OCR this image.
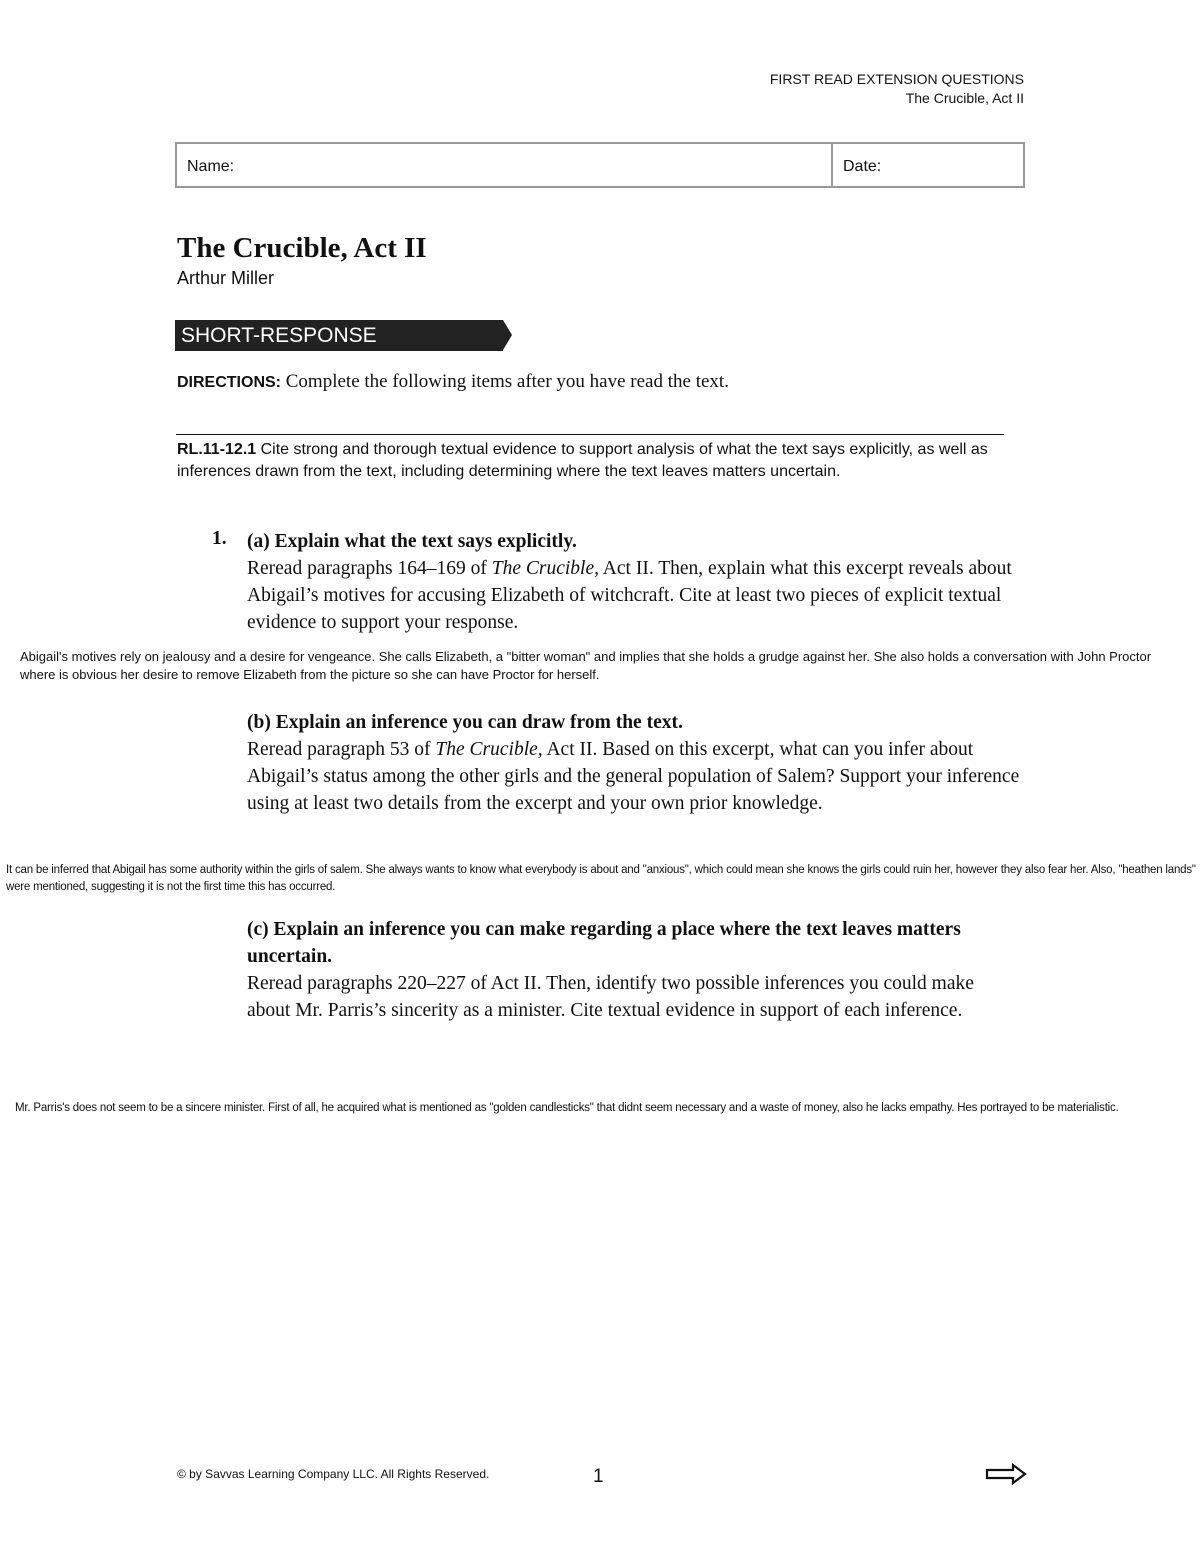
FIRST READ EXTENSION QUESTIONS
The Crucible, Act II
Name:	Date:
The Crucible, Act II
Arthur Miller
SHORT-RESPONSE QUESTIONS
DIRECTIONS: Complete the following items after you have read the text.
RL.11-12.1 Cite strong and thorough textual evidence to support analysis of what the text says explicitly, as well as inferences drawn from the text, including determining where the text leaves matters uncertain.
1. (a) Explain what the text says explicitly.
Reread paragraphs 164–169 of The Crucible, Act II. Then, explain what this excerpt reveals about Abigail’s motives for accusing Elizabeth of witchcraft. Cite at least two pieces of explicit textual evidence to support your response.
Abigail's motives rely on jealousy and a desire for vengeance. She calls Elizabeth, a "bitter woman" and implies that she holds a grudge against her. She also holds a conversation with John Proctor where is obvious her desire to remove Elizabeth from the picture so she can have Proctor for herself.
(b) Explain an inference you can draw from the text.
Reread paragraph 53 of The Crucible, Act II. Based on this excerpt, what can you infer about Abigail’s status among the other girls and the general population of Salem? Support your inference using at least two details from the excerpt and your own prior knowledge.
It can be inferred that Abigail has some authority within the girls of salem. She always wants to know what everybody is about and "anxious", which could mean she knows the girls could ruin her, however they also fear her. Also, "heathen lands" were mentioned, suggesting it is not the first time this has occurred.
(c) Explain an inference you can make regarding a place where the text leaves matters uncertain.
Reread paragraphs 220–227 of Act II. Then, identify two possible inferences you could make about Mr. Parris’s sincerity as a minister. Cite textual evidence in support of each inference.
Mr. Parris's does not seem to be a sincere minister. First of all, he acquired what is mentioned as "golden candlesticks" that didnt seem necessary and a waste of money, also he lacks empathy. Hes portrayed to be materialistic.
© by Savvas Learning Company LLC. All Rights Reserved.	1
